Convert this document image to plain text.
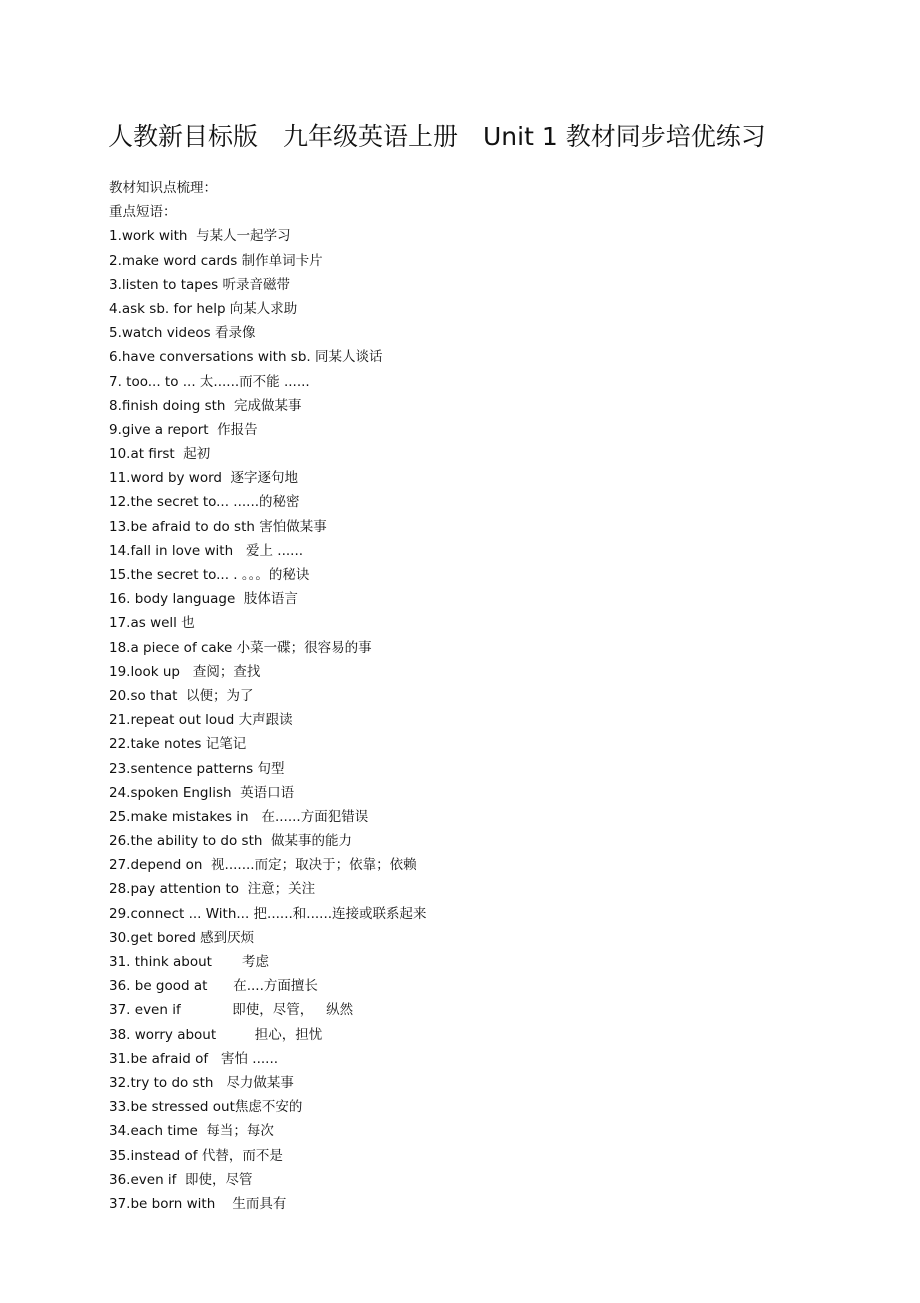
人教新目标版　九年级英语上册　Unit 1 教材同步培优练习
教材知识点梳理：
重点短语：
1.work with  与某人一起学习
2.make word cards 制作单词卡片
3.listen to tapes 听录音磁带
4.ask sb. for help 向某人求助
5.watch videos 看录像
6.have conversations with sb. 同某人谈话
7. too... to ... 太......而不能 ......
8.finish doing sth  完成做某事
9.give a report  作报告
10.at first  起初
11.word by word  逐字逐句地
12.the secret to... ......的秘密
13.be afraid to do sth 害怕做某事
14.fall in love with   爱上 ......
15.the secret to... . 。。。的秘诀
16. body language  肢体语言
17.as well 也
18.a piece of cake 小菜一碟；很容易的事
19.look up   查阅；查找
20.so that  以便；为了
21.repeat out loud 大声跟读
22.take notes 记笔记
23.sentence patterns 句型
24.spoken English  英语口语
25.make mistakes in   在......方面犯错误
26.the ability to do sth  做某事的能力
27.depend on  视.......而定；取决于；依靠；依赖
28.pay attention to  注意；关注
29.connect ... With... 把......和......连接或联系起来
30.get bored 感到厌烦
31. think about       考虑
36. be good at      在....方面擅长
37. even if            即使，尽管，   纵然
38. worry about         担心，担忧
31.be afraid of   害怕 ......
32.try to do sth   尽力做某事
33.be stressed out焦虑不安的
34.each time  每当；每次
35.instead of 代替，而不是
36.even if  即使，尽管
37.be born with    生而具有
